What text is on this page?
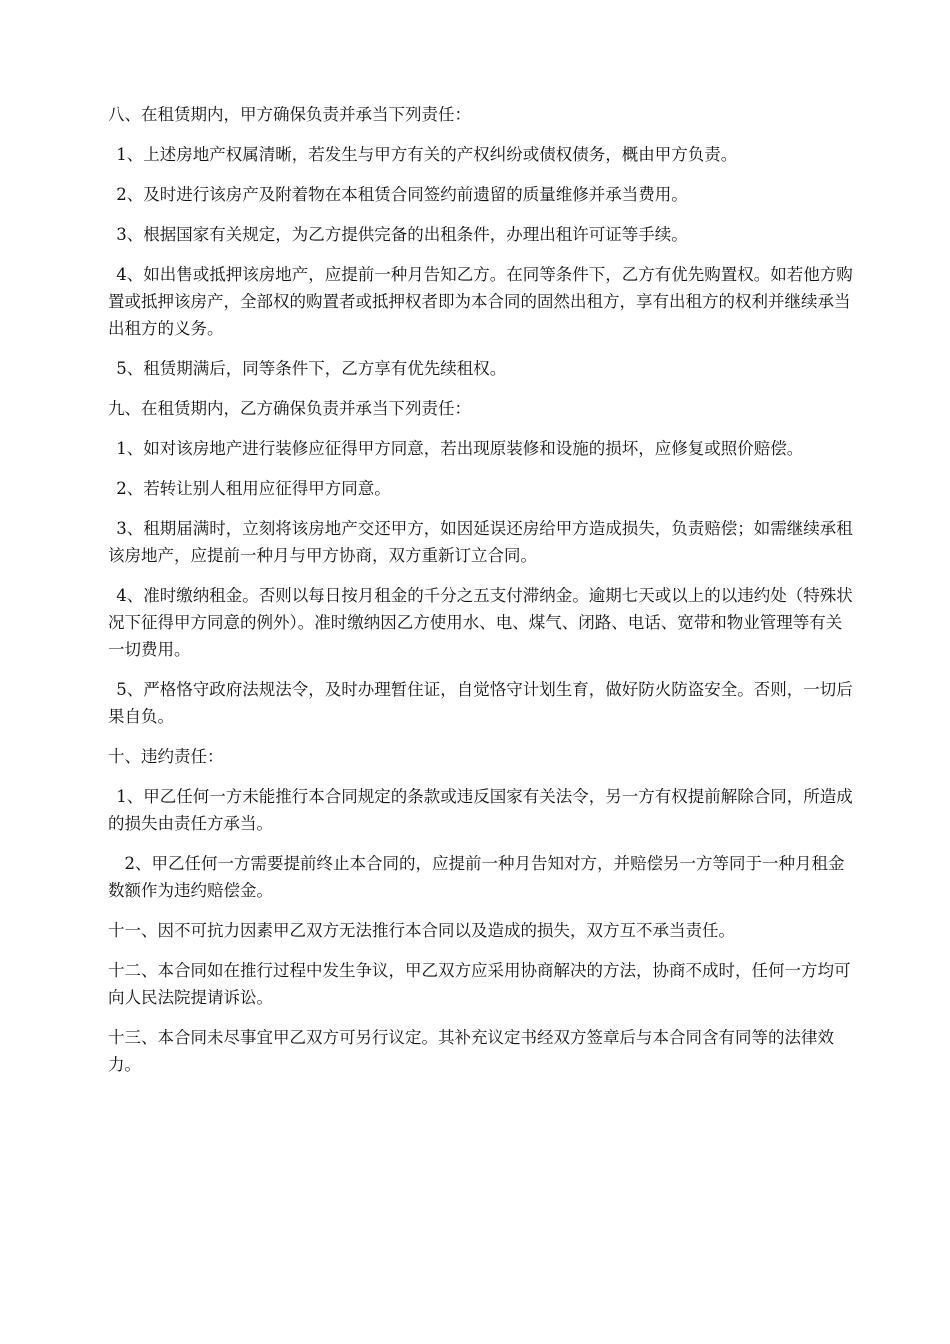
八、在租赁期内，甲方确保负责并承当下列责任：

1、上述房地产权属清晰，若发生与甲方有关的产权纠纷或债权债务，概由甲方负责。

2、及时进行该房产及附着物在本租赁合同签约前遗留的质量维修并承当费用。

3、根据国家有关规定，为乙方提供完备的出租条件，办理出租许可证等手续。

4、如出售或抵押该房地产，应提前一种月告知乙方。在同等条件下，乙方有优先购置权。如若他方购置或抵押该房产，全部权的购置者或抵押权者即为本合同的固然出租方，享有出租方的权利并继续承当出租方的义务。

5、租赁期满后，同等条件下，乙方享有优先续租权。

九、在租赁期内，乙方确保负责并承当下列责任：

1、如对该房地产进行装修应征得甲方同意，若出现原装修和设施的损坏，应修复或照价赔偿。

2、若转让别人租用应征得甲方同意。

3、租期届满时，立刻将该房地产交还甲方，如因延误还房给甲方造成损失，负责赔偿；如需继续承租该房地产，应提前一种月与甲方协商，双方重新订立合同。

4、准时缴纳租金。否则以每日按月租金的千分之五支付滞纳金。逾期七天或以上的以违约处（特殊状况下征得甲方同意的例外）。准时缴纳因乙方使用水、电、煤气、闭路、电话、宽带和物业管理等有关一切费用。

5、严格恪守政府法规法令，及时办理暂住证，自觉恪守计划生育，做好防火防盗安全。否则，一切后果自负。

十、违约责任：

1、甲乙任何一方未能推行本合同规定的条款或违反国家有关法令，另一方有权提前解除合同，所造成的损失由责任方承当。

2、甲乙任何一方需要提前终止本合同的，应提前一种月告知对方，并赔偿另一方等同于一种月租金数额作为违约赔偿金。

十一、因不可抗力因素甲乙双方无法推行本合同以及造成的损失，双方互不承当责任。

十二、本合同如在推行过程中发生争议，甲乙双方应采用协商解决的方法，协商不成时，任何一方均可向人民法院提请诉讼。

十三、本合同未尽事宜甲乙双方可另行议定。其补充议定书经双方签章后与本合同含有同等的法律效力。
